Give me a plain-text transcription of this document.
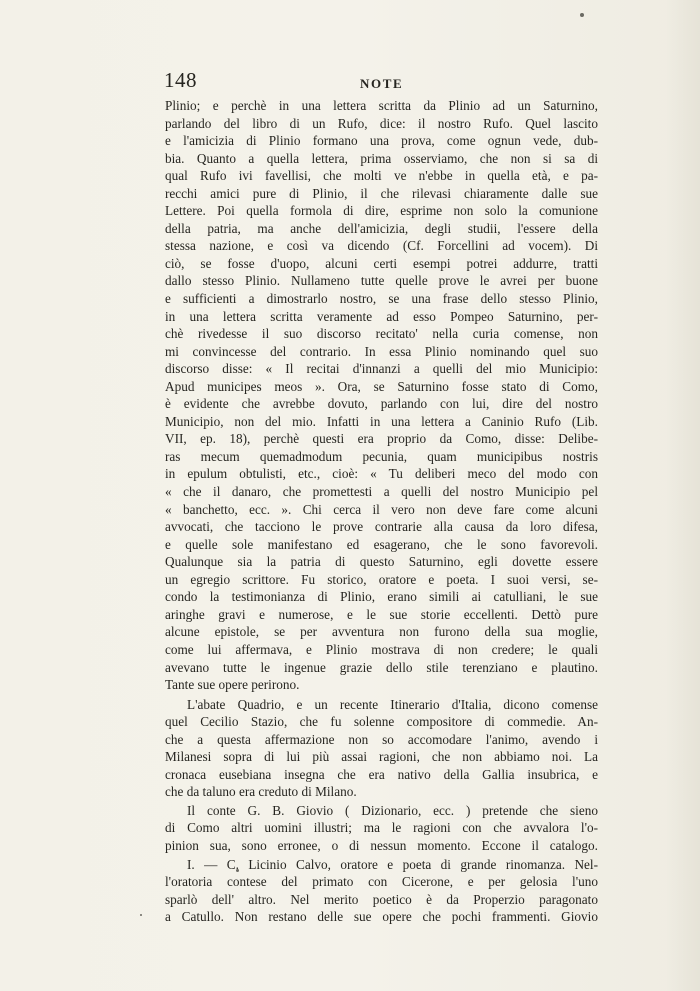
148	NOTE
Plinio; e perchè in una lettera scritta da Plinio ad un Saturnino,
parlando del libro di un Rufo, dice: il nostro Rufo. Quel lascito
e l'amicizia di Plinio formano una prova, come ognun vede, dub-
bia. Quanto a quella lettera, prima osserviamo, che non si sa di
qual Rufo ivi favellisi, che molti ve n'ebbe in quella età, e pa-
recchi amici pure di Plinio, il che rilevasi chiaramente dalle sue
Lettere. Poi quella formola di dire, esprime non solo la comunione
della patria, ma anche dell'amicizia, degli studii, l'essere della
stessa nazione, e così va dicendo (Cf. Forcellini ad vocem). Di
ciò, se fosse d'uopo, alcuni certi esempi potrei addurre, tratti
dallo stesso Plinio. Nullameno tutte quelle prove le avrei per buone
e sufficienti a dimostrarlo nostro, se una frase dello stesso Plinio,
in una lettera scritta veramente ad esso Pompeo Saturnino, per-
chè rivedesse il suo discorso recitato' nella curia comense, non
mi convincesse del contrario. In essa Plinio nominando quel suo
discorso disse: « Il recitai d'innanzi a quelli del mio Municipio:
Apud municipes meos ». Ora, se Saturnino fosse stato di Como,
è evidente che avrebbe dovuto, parlando con lui, dire del nostro
Municipio, non del mio. Infatti in una lettera a Caninio Rufo (Lib.
VII, ep. 18), perchè questi era proprio da Como, disse: Delibe-
ras mecum quemadmodum pecunia, quam municipibus nostris
in epulum obtulisti, etc., cioè: « Tu deliberi meco del modo con
« che il danaro, che promettesti a quelli del nostro Municipio pel
« banchetto, ecc. ». Chi cerca il vero non deve fare come alcuni
avvocati, che tacciono le prove contrarie alla causa da loro difesa,
e quelle sole manifestano ed esagerano, che le sono favorevoli.
Qualunque sia la patria di questo Saturnino, egli dovette essere
un egregio scrittore. Fu storico, oratore e poeta. I suoi versi, se-
condo la testimonianza di Plinio, erano simili ai catulliani, le sue
aringhe gravi e numerose, e le sue storie eccellenti. Dettò pure
alcune epistole, se per avventura non furono della sua moglie,
come lui affermava, e Plinio mostrava di non credere; le quali
avevano tutte le ingenue grazie dello stile terenziano e plautino.
Tante sue opere perirono.
L'abate Quadrio, e un recente Itinerario d'Italia, dicono comense
quel Cecilio Stazio, che fu solenne compositore di commedie. An-
che a questa affermazione non so accomodare l'animo, avendo i
Milanesi sopra di lui più assai ragioni, che non abbiamo noi. La
cronaca eusebiana insegna che era nativo della Gallia insubrica, e
che da taluno era creduto di Milano.
Il conte G. B. Giovio ( Dizionario, ecc. ) pretende che sieno
di Como altri uomini illustri; ma le ragioni con che avvalora l'o-
pinion sua, sono erronee, o di nessun momento. Eccone il catalogo.
I. — C. Licinio Calvo, oratore e poeta di grande rinomanza. Nel-
l'oratoria contese del primato con Cicerone, e per gelosia l'uno
sparlò dell' altro. Nel merito poetico è da Properzio paragonato
a Catullo. Non restano delle sue opere che pochi frammenti. Giovio
